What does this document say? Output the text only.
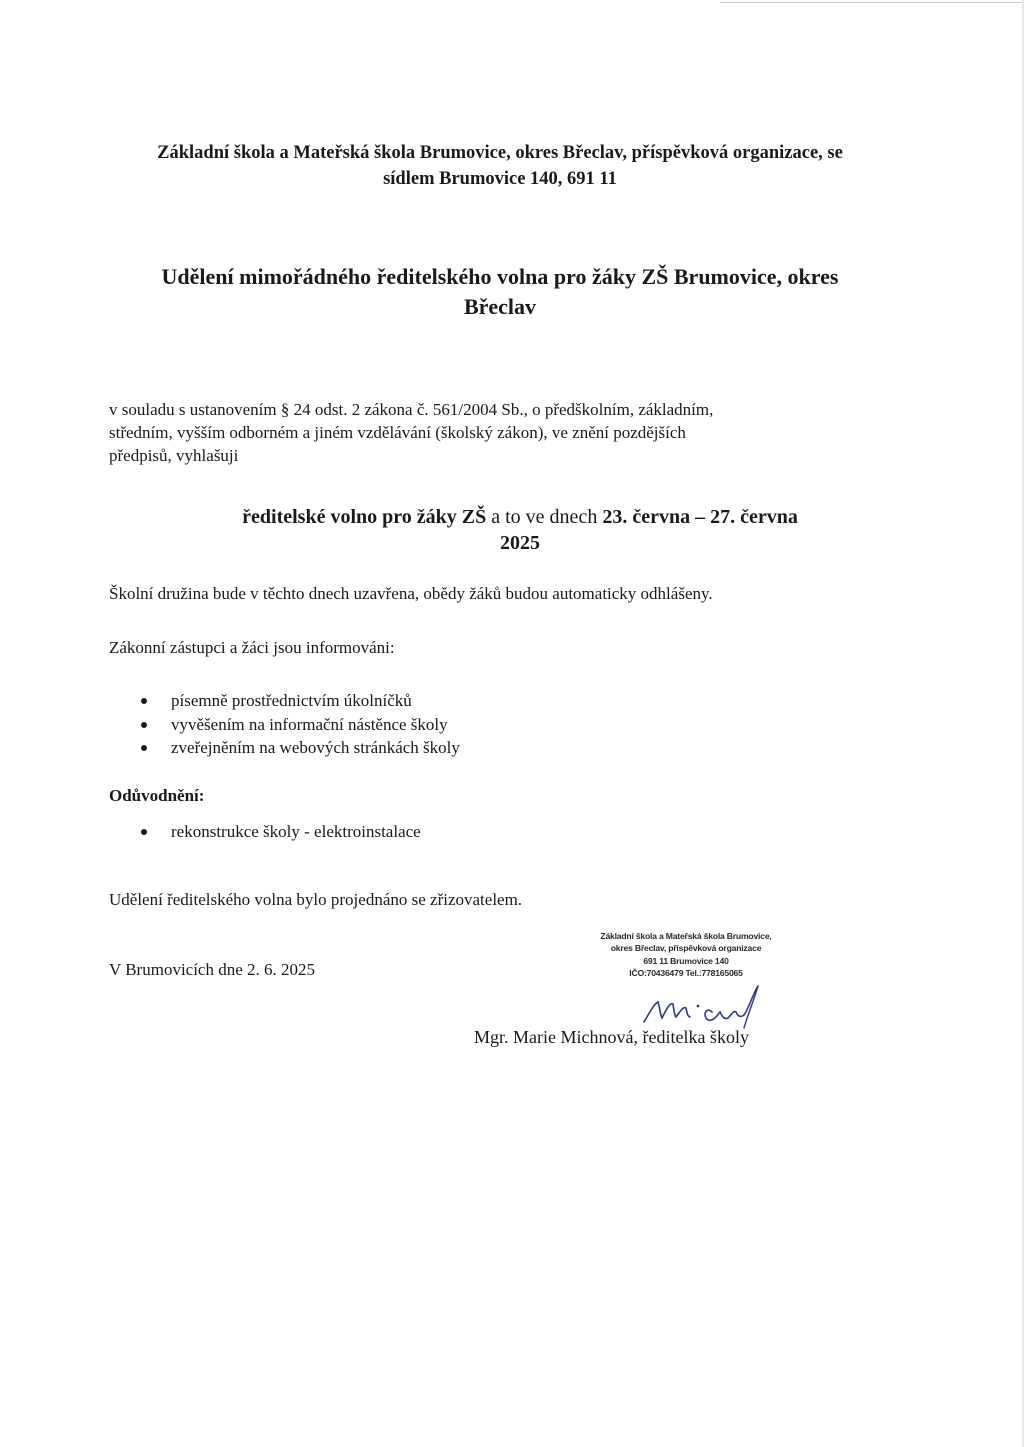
Základní škola a Mateřská škola Brumovice, okres Břeclav, příspěvková organizace, se
sídlem Brumovice 140, 691 11
Udělení mimořádného ředitelského volna pro žáky ZŠ Brumovice, okres
Břeclav
v souladu s ustanovením § 24 odst. 2 zákona č. 561/2004 Sb., o předškolním, základním,
středním, vyšším odborném a jiném vzdělávání (školský zákon), ve znění pozdějších
předpisů, vyhlašuji
ředitelské volno pro žáky ZŠ a to ve dnech 23. června – 27. června
2025
Školní družina bude v těchto dnech uzavřena, obědy žáků budou automaticky odhlášeny.
Zákonní zástupci a žáci jsou informováni:
písemně prostřednictvím úkolníčků
vyvěšením na informační nástěnce školy
zveřejněním na webových stránkách školy
Odůvodnění:
rekonstrukce školy - elektroinstalace
Udělení ředitelského volna bylo projednáno se zřizovatelem.
V Brumovicích dne 2. 6. 2025
Základní škola a Mateřská škola Brumovice,
okres Břeclav, příspěvková organizace
691 11 Brumovice 140
IČO:70436479 Tel.:778165065
Mgr. Marie Michnová, ředitelka školy
